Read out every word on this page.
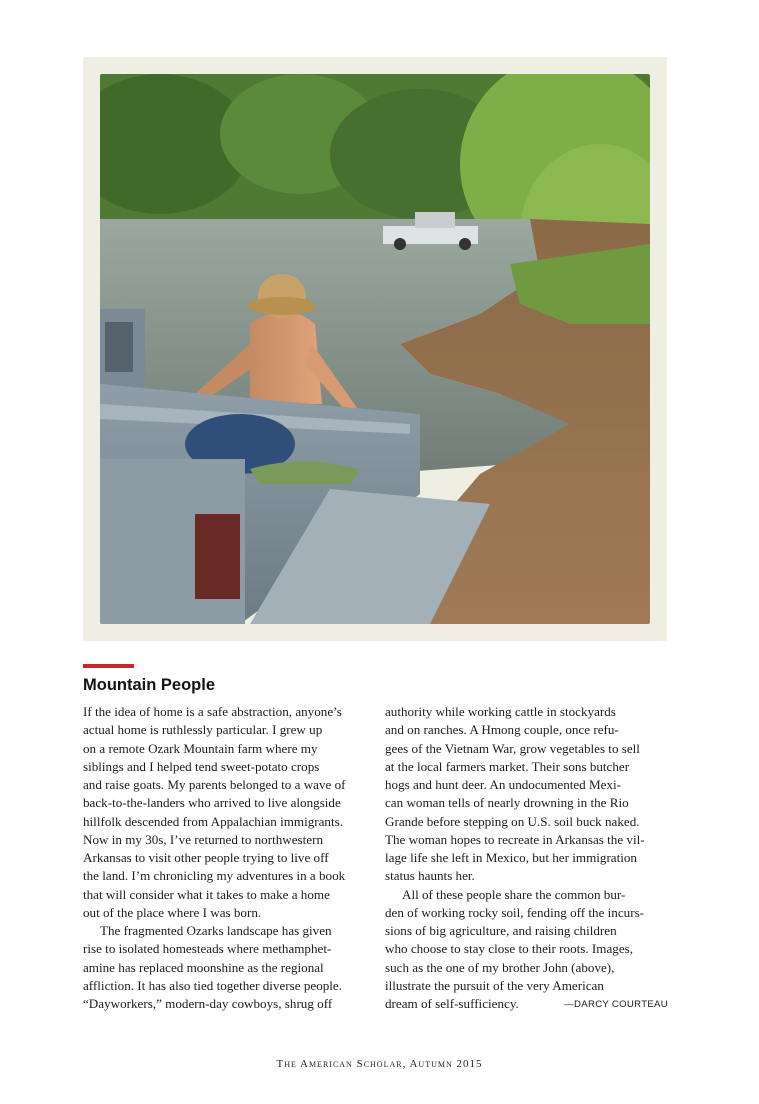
Mountain People

If the idea of home is a safe abstraction, anyone’s
actual home is ruthlessly particular. I grew up
on a remote Ozark Mountain farm where my
siblings and I helped tend sweet-potato crops
and raise goats. My parents belonged to a wave of
back-to-the-landers who arrived to live alongside
hillfolk descended from Appalachian immigrants.
Now in my 30s, I’ve returned to northwestern
Arkansas to visit other people trying to live off
the land. I’m chronicling my adventures in a book
that will consider what it takes to make a home
out of the place where I was born.

The fragmented Ozarks landscape has given
rise to isolated homesteads where methamphet-
amine has replaced moonshine as the regional
affliction. It has also tied together diverse people.
“Dayworkers,” modern-day cowboys, shrug off

authority while working cattle in stockyards
and on ranches. A Hmong couple, once refu-
gees of the Vietnam War, grow vegetables to sell
at the local farmers market. Their sons butcher
hogs and hunt deer. An undocumented Mexi-
can woman tells of nearly drowning in the Rio
Grande before stepping on U.S. soil buck naked.
The woman hopes to recreate in Arkansas the vil-
lage life she left in Mexico, but her immigration
status haunts her.

All of these people share the common bur-
den of working rocky soil, fending off the incurs-
sions of big agriculture, and raising children
who choose to stay close to their roots. Images,
such as the one of my brother John (above),
illustrate the pursuit of the very American
dream of self-sufficiency.	—DARCY COURTEAU

The American Scholar, Autumn 2015
